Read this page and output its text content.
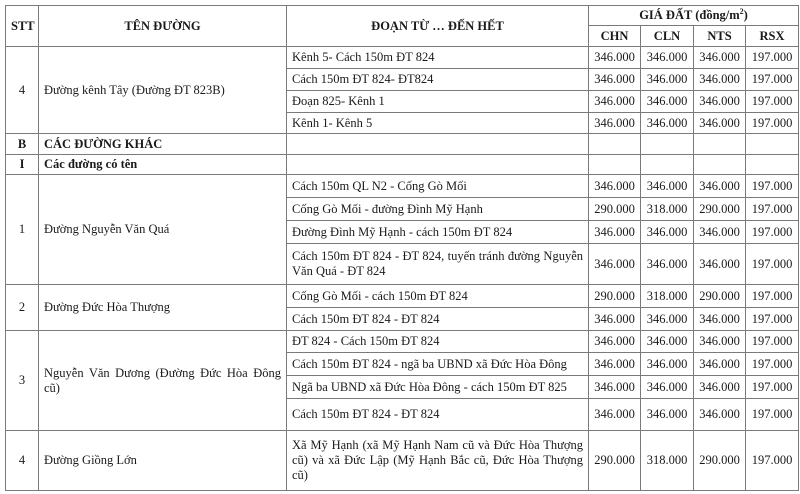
STT	TÊN ĐƯỜNG	ĐOẠN TỪ … ĐẾN HẾT	GIÁ ĐẤT $(đồng/m^2)$			
			CHN	CLN	NTS	RSX
4	Đường kênh Tây (Đường ĐT 823B)	Kênh 5- Cách 150m ĐT 824	346.000	346.000	346.000	197.000
		Cách 150m ĐT 824- ĐT824	346.000	346.000	346.000	197.000
		Đoạn 825- Kênh 1	346.000	346.000	346.000	197.000
		Kênh 1- Kênh 5	346.000	346.000	346.000	197.000
B	CÁC ĐƯỜNG KHÁC					
I	Các đường có tên					
1	Đường Nguyễn Văn Quá	Cách 150m QL N2 - Cống Gò Mối	346.000	346.000	346.000	197.000
		Cống Gò Mối - đường Đình Mỹ Hạnh	290.000	318.000	290.000	197.000
		Đường Đình Mỹ Hạnh - cách 150m ĐT 824	346.000	346.000	346.000	197.000
		Cách 150m ĐT 824 - ĐT 824, tuyến tránh đường Nguyễn Văn Quá - ĐT 824	346.000	346.000	346.000	197.000
2	Đường Đức Hòa Thượng	Cống Gò Mối - cách 150m ĐT 824	290.000	318.000	290.000	197.000
		Cách 150m ĐT 824 - ĐT 824	346.000	346.000	346.000	197.000
3	Nguyễn Văn Dương (Đường Đức Hòa Đông cũ)	ĐT 824 - Cách 150m ĐT 824	346.000	346.000	346.000	197.000
		Cách 150m ĐT 824 - ngã ba UBND xã Đức Hòa Đông	346.000	346.000	346.000	197.000
		Ngã ba UBND xã Đức Hòa Đông - cách 150m ĐT 825	346.000	346.000	346.000	197.000
		Cách 150m ĐT 824 - ĐT 824	346.000	346.000	346.000	197.000
4	Đường Giồng Lớn	Xã Mỹ Hạnh (xã Mỹ Hạnh Nam cũ và Đức Hòa Thượng cũ) và xã Đức Lập (Mỹ Hạnh Bắc cũ, Đức Hòa Thượng cũ)	290.000	318.000	290.000	197.000
